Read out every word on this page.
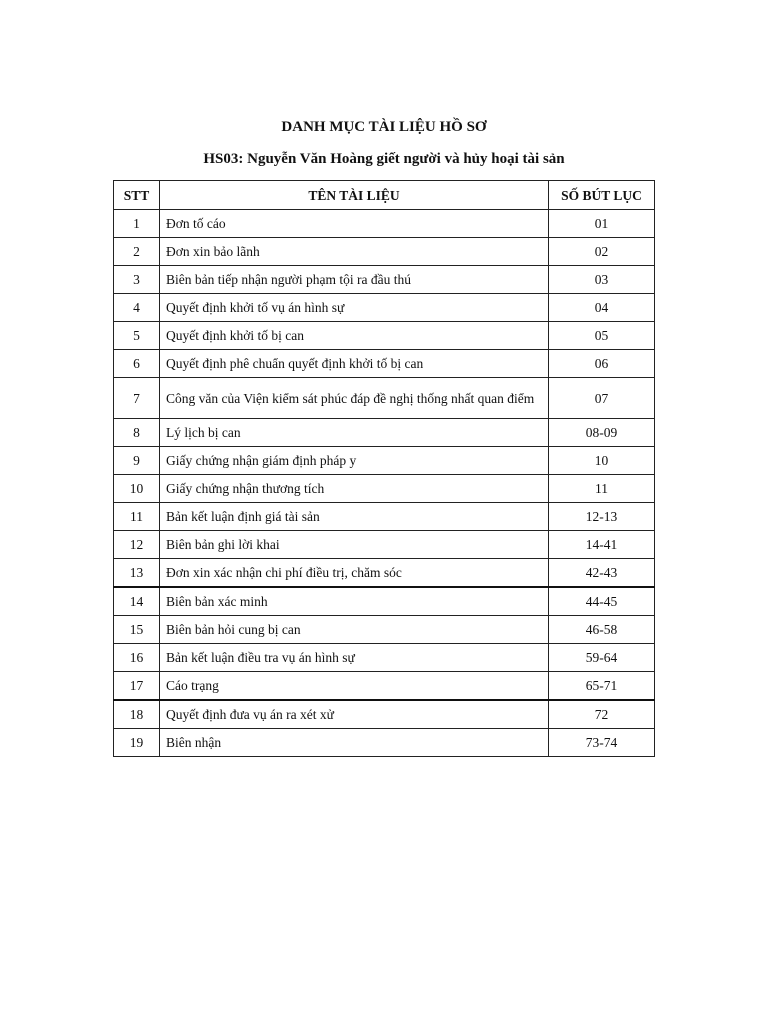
DANH MỤC TÀI LIỆU HỒ SƠ
HS03: Nguyễn Văn Hoàng giết người và hủy hoại tài sản
STT	TÊN TÀI LIỆU	SỐ BÚT LỤC
1	Đơn tố cáo	01
2	Đơn xin bảo lãnh	02
3	Biên bản tiếp nhận người phạm tội ra đầu thú	03
4	Quyết định khởi tố vụ án hình sự	04
5	Quyết định khởi tố bị can	05
6	Quyết định phê chuẩn quyết định khởi tố bị can	06
7	Công văn của Viện kiểm sát phúc đáp đề nghị thống nhất quan điểm	07
8	Lý lịch bị can	08-09
9	Giấy chứng nhận giám định pháp y	10
10	Giấy chứng nhận thương tích	11
11	Bản kết luận định giá tài sản	12-13
12	Biên bản ghi lời khai	14-41
13	Đơn xin xác nhận chi phí điều trị, chăm sóc	42-43
14	Biên bản xác minh	44-45
15	Biên bản hỏi cung bị can	46-58
16	Bản kết luận điều tra vụ án hình sự	59-64
17	Cáo trạng	65-71
18	Quyết định đưa vụ án ra xét xử	72
19	Biên nhận	73-74
